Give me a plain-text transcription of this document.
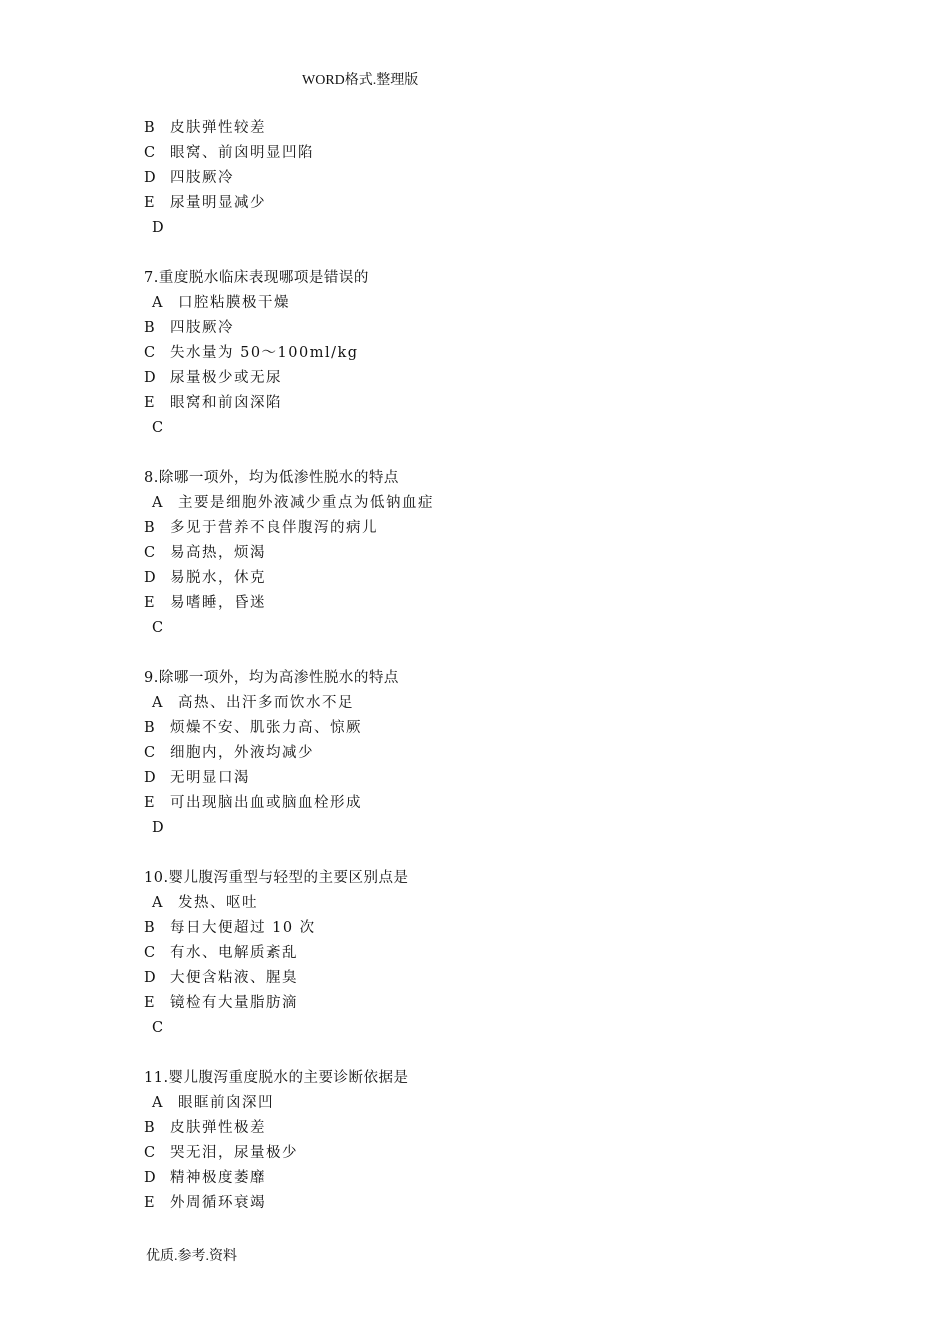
WORD格式.整理版
B 皮肤弹性较差
C 眼窝、前囟明显凹陷
D 四肢厥冷
E 尿量明显减少
D
7.重度脱水临床表现哪项是错误的
A 口腔粘膜极干燥
B 四肢厥冷
C 失水量为 50～100ml/kg
D 尿量极少或无尿
E 眼窝和前囟深陷
C
8.除哪一项外，均为低渗性脱水的特点
A 主要是细胞外液减少重点为低钠血症
B 多见于营养不良伴腹泻的病儿
C 易高热，烦渴
D 易脱水，休克
E 易嗜睡，昏迷
C
9.除哪一项外，均为高渗性脱水的特点
A 高热、出汗多而饮水不足
B 烦燥不安、肌张力高、惊厥
C 细胞内，外液均减少
D 无明显口渴
E 可出现脑出血或脑血栓形成
D
10.婴儿腹泻重型与轻型的主要区别点是
A 发热、呕吐
B 每日大便超过 10 次
C 有水、电解质紊乱
D 大便含粘液、腥臭
E 镜检有大量脂肪滴
C
11.婴儿腹泻重度脱水的主要诊断依据是
A 眼眶前囟深凹
B 皮肤弹性极差
C 哭无泪，尿量极少
D 精神极度萎靡
E 外周循环衰竭
优质.参考.资料
